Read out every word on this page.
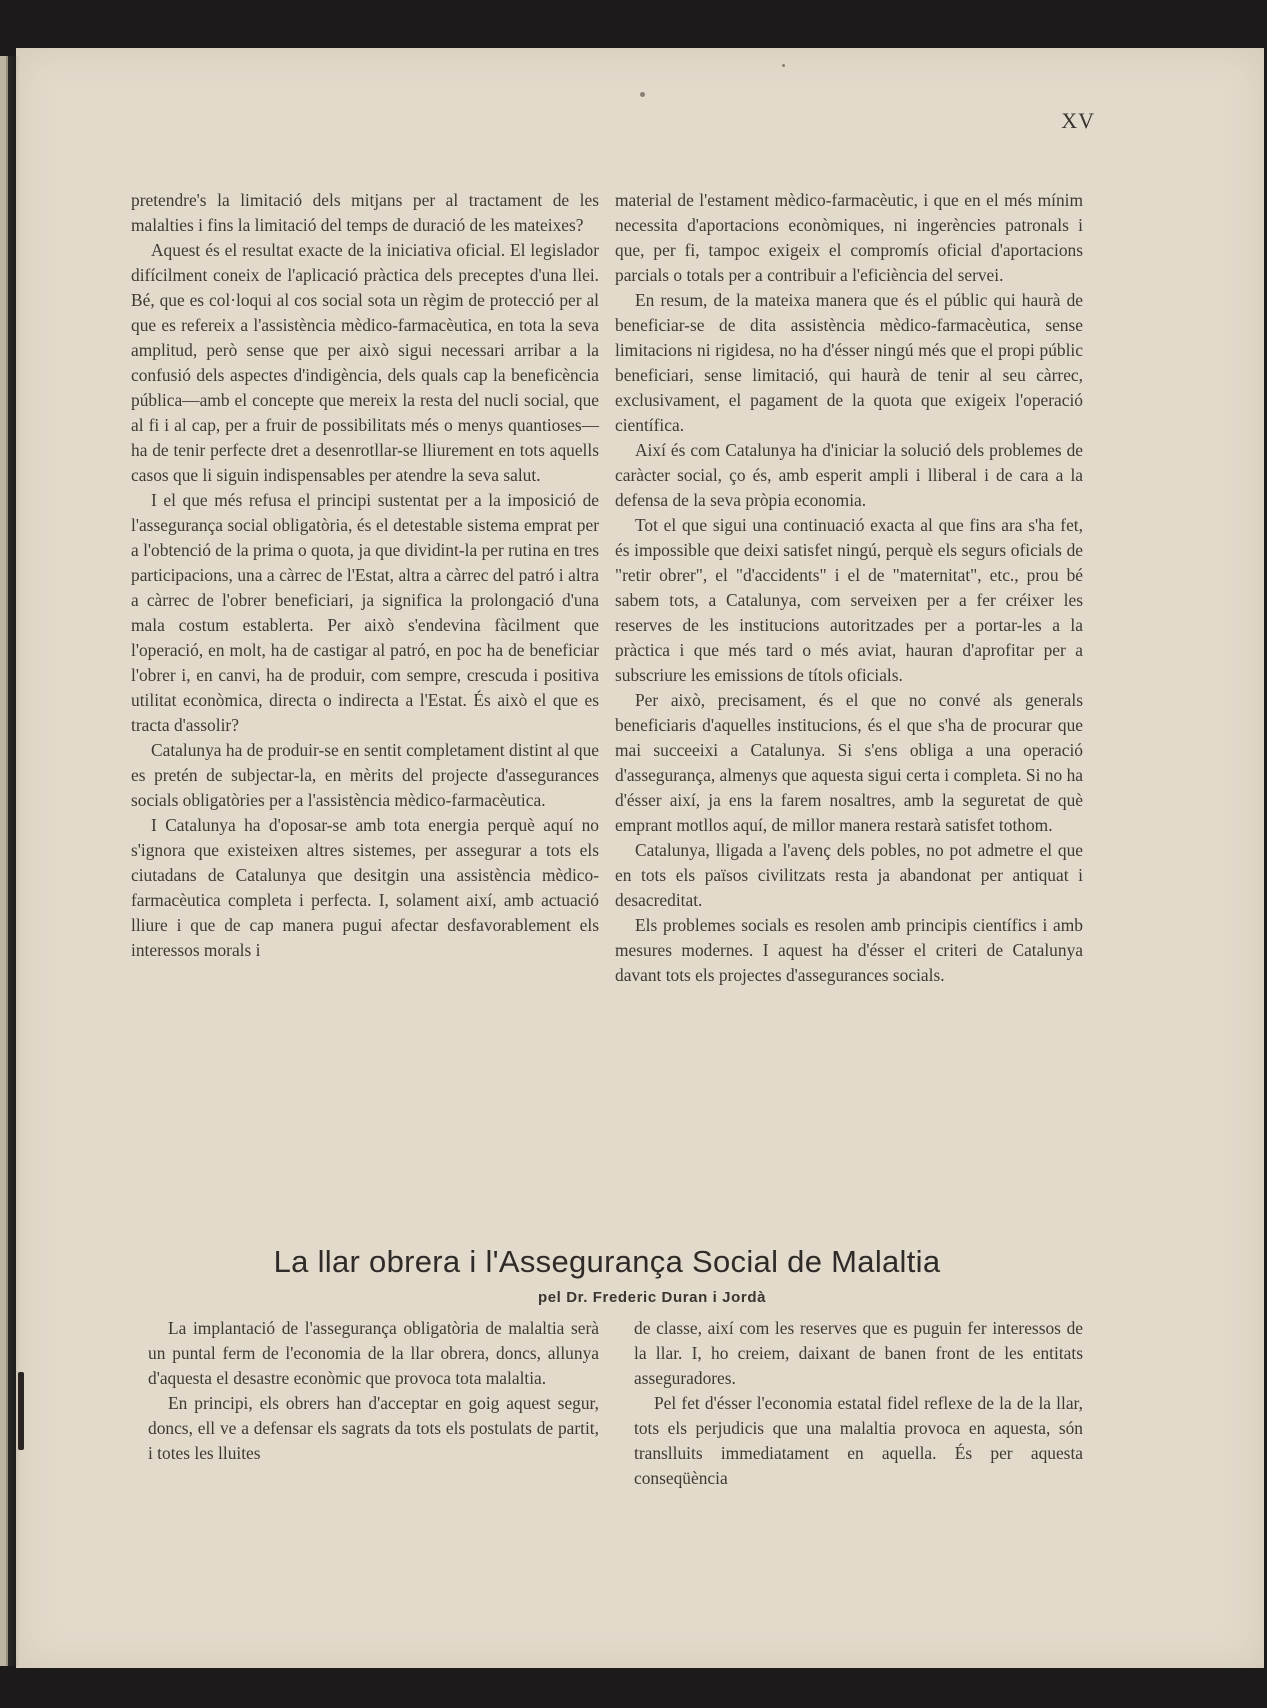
XV

pretendre's la limitació dels mitjans per al tractament de les malalties i fins la limitació del temps de duració de les mateixes?

Aquest és el resultat exacte de la iniciativa oficial. El legislador difícilment coneix de l'aplicació pràctica dels preceptes d'una llei. Bé, que es col·loqui al cos social sota un règim de protecció per al que es refereix a l'assistència mèdico-farmacèutica, en tota la seva amplitud, però sense que per això sigui necessari arribar a la confusió dels aspectes d'indigència, dels quals cap la beneficència pública—amb el concepte que mereix la resta del nucli social, que al fi i al cap, per a fruir de possibilitats més o menys quantioses—ha de tenir perfecte dret a desenrotllar-se lliurement en tots aquells casos que li siguin indispensables per atendre la seva salut.

I el que més refusa el principi sustentat per a la imposició de l'assegurança social obligatòria, és el detestable sistema emprat per a l'obtenció de la prima o quota, ja que dividint-la per rutina en tres participacions, una a càrrec de l'Estat, altra a càrrec del patró i altra a càrrec de l'obrer beneficiari, ja significa la prolongació d'una mala costum establerta. Per això s'endevina fàcilment que l'operació, en molt, ha de castigar al patró, en poc ha de beneficiar l'obrer i, en canvi, ha de produir, com sempre, crescuda i positiva utilitat econòmica, directa o indirecta a l'Estat. És això el que es tracta d'assolir?

Catalunya ha de produir-se en sentit completament distint al que es pretén de subjectar-la, en mèrits del projecte d'assegurances socials obligatòries per a l'assistència mèdico-farmacèutica.

I Catalunya ha d'oposar-se amb tota energia perquè aquí no s'ignora que existeixen altres sistemes, per assegurar a tots els ciutadans de Catalunya que desitgin una assistència mèdico-farmacèutica completa i perfecta. I, solament així, amb actuació lliure i que de cap manera pugui afectar desfavorablement els interessos morals i

material de l'estament mèdico-farmacèutic, i que en el més mínim necessita d'aportacions econòmiques, ni ingerències patronals i que, per fi, tampoc exigeix el compromís oficial d'aportacions parcials o totals per a contribuir a l'eficiència del servei.

En resum, de la mateixa manera que és el públic qui haurà de beneficiar-se de dita assistència mèdico-farmacèutica, sense limitacions ni rigidesa, no ha d'ésser ningú més que el propi públic beneficiari, sense limitació, qui haurà de tenir al seu càrrec, exclusivament, el pagament de la quota que exigeix l'operació científica.

Així és com Catalunya ha d'iniciar la solució dels problemes de caràcter social, ço és, amb esperit ampli i lliberal i de cara a la defensa de la seva pròpia economia.

Tot el que sigui una continuació exacta al que fins ara s'ha fet, és impossible que deixi satisfet ningú, perquè els segurs oficials de "retir obrer", el "d'accidents" i el de "maternitat", etc., prou bé sabem tots, a Catalunya, com serveixen per a fer créixer les reserves de les institucions autoritzades per a portar-les a la pràctica i que més tard o més aviat, hauran d'aprofitar per a subscriure les emissions de títols oficials.

Per això, precisament, és el que no convé als generals beneficiaris d'aquelles institucions, és el que s'ha de procurar que mai succeeixi a Catalunya. Si s'ens obliga a una operació d'assegurança, almenys que aquesta sigui certa i completa. Si no ha d'ésser així, ja ens la farem nosaltres, amb la seguretat de què emprant motllos aquí, de millor manera restarà satisfet tothom.

Catalunya, lligada a l'avenç dels pobles, no pot admetre el que en tots els països civilitzats resta ja abandonat per antiquat i desacreditat.

Els problemes socials es resolen amb principis científics i amb mesures modernes. I aquest ha d'ésser el criteri de Catalunya davant tots els projectes d'assegurances socials.

La llar obrera i l'Assegurança Social de Malaltia
pel Dr. Frederic Duran i Jordà

La implantació de l'assegurança obligatòria de malaltia serà un puntal ferm de l'economia de la llar obrera, doncs, allunya d'aquesta el desastre econòmic que provoca tota malaltia.

En principi, els obrers han d'acceptar en goig aquest segur, doncs, ell ve a defensar els sagrats da tots els postulats de partit, i totes les lluites

de classe, així com les reserves que es puguin fer interessos de la llar. I, ho creiem, daixant de banen front de les entitats asseguradores.

Pel fet d'ésser l'economia estatal fidel reflexe de la de la llar, tots els perjudicis que una malaltia provoca en aquesta, són translluits immediatament en aquella. És per aquesta conseqüència
